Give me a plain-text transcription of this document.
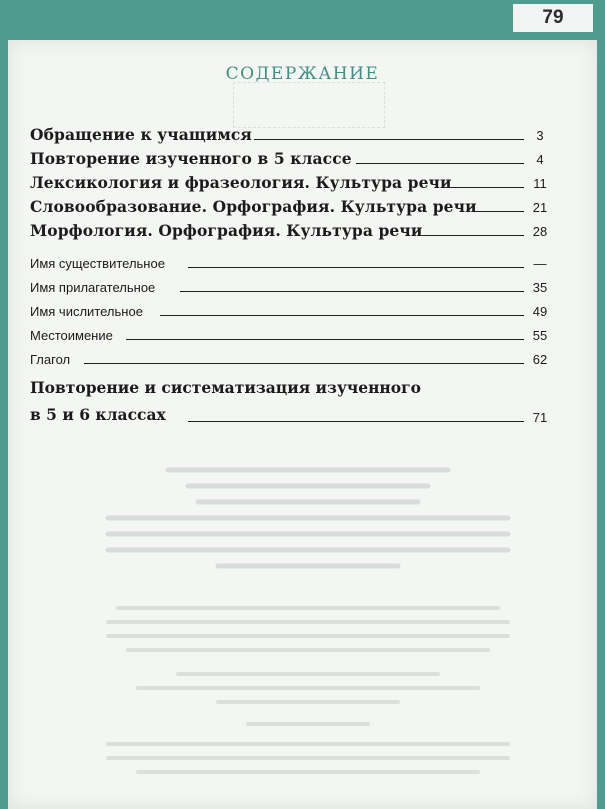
79
СОДЕРЖАНИЕ
Обращение к учащимся	3
Повторение изученного в 5 классе	4
Лексикология и фразеология. Культура речи	11
Словообразование. Орфография. Культура речи	21
Морфология. Орфография. Культура речи	28
Имя существительное	—
Имя прилагательное	35
Имя числительное	49
Местоимение	55
Глагол	62
Повторение и систематизация изученного
в 5 и 6 классах	71
